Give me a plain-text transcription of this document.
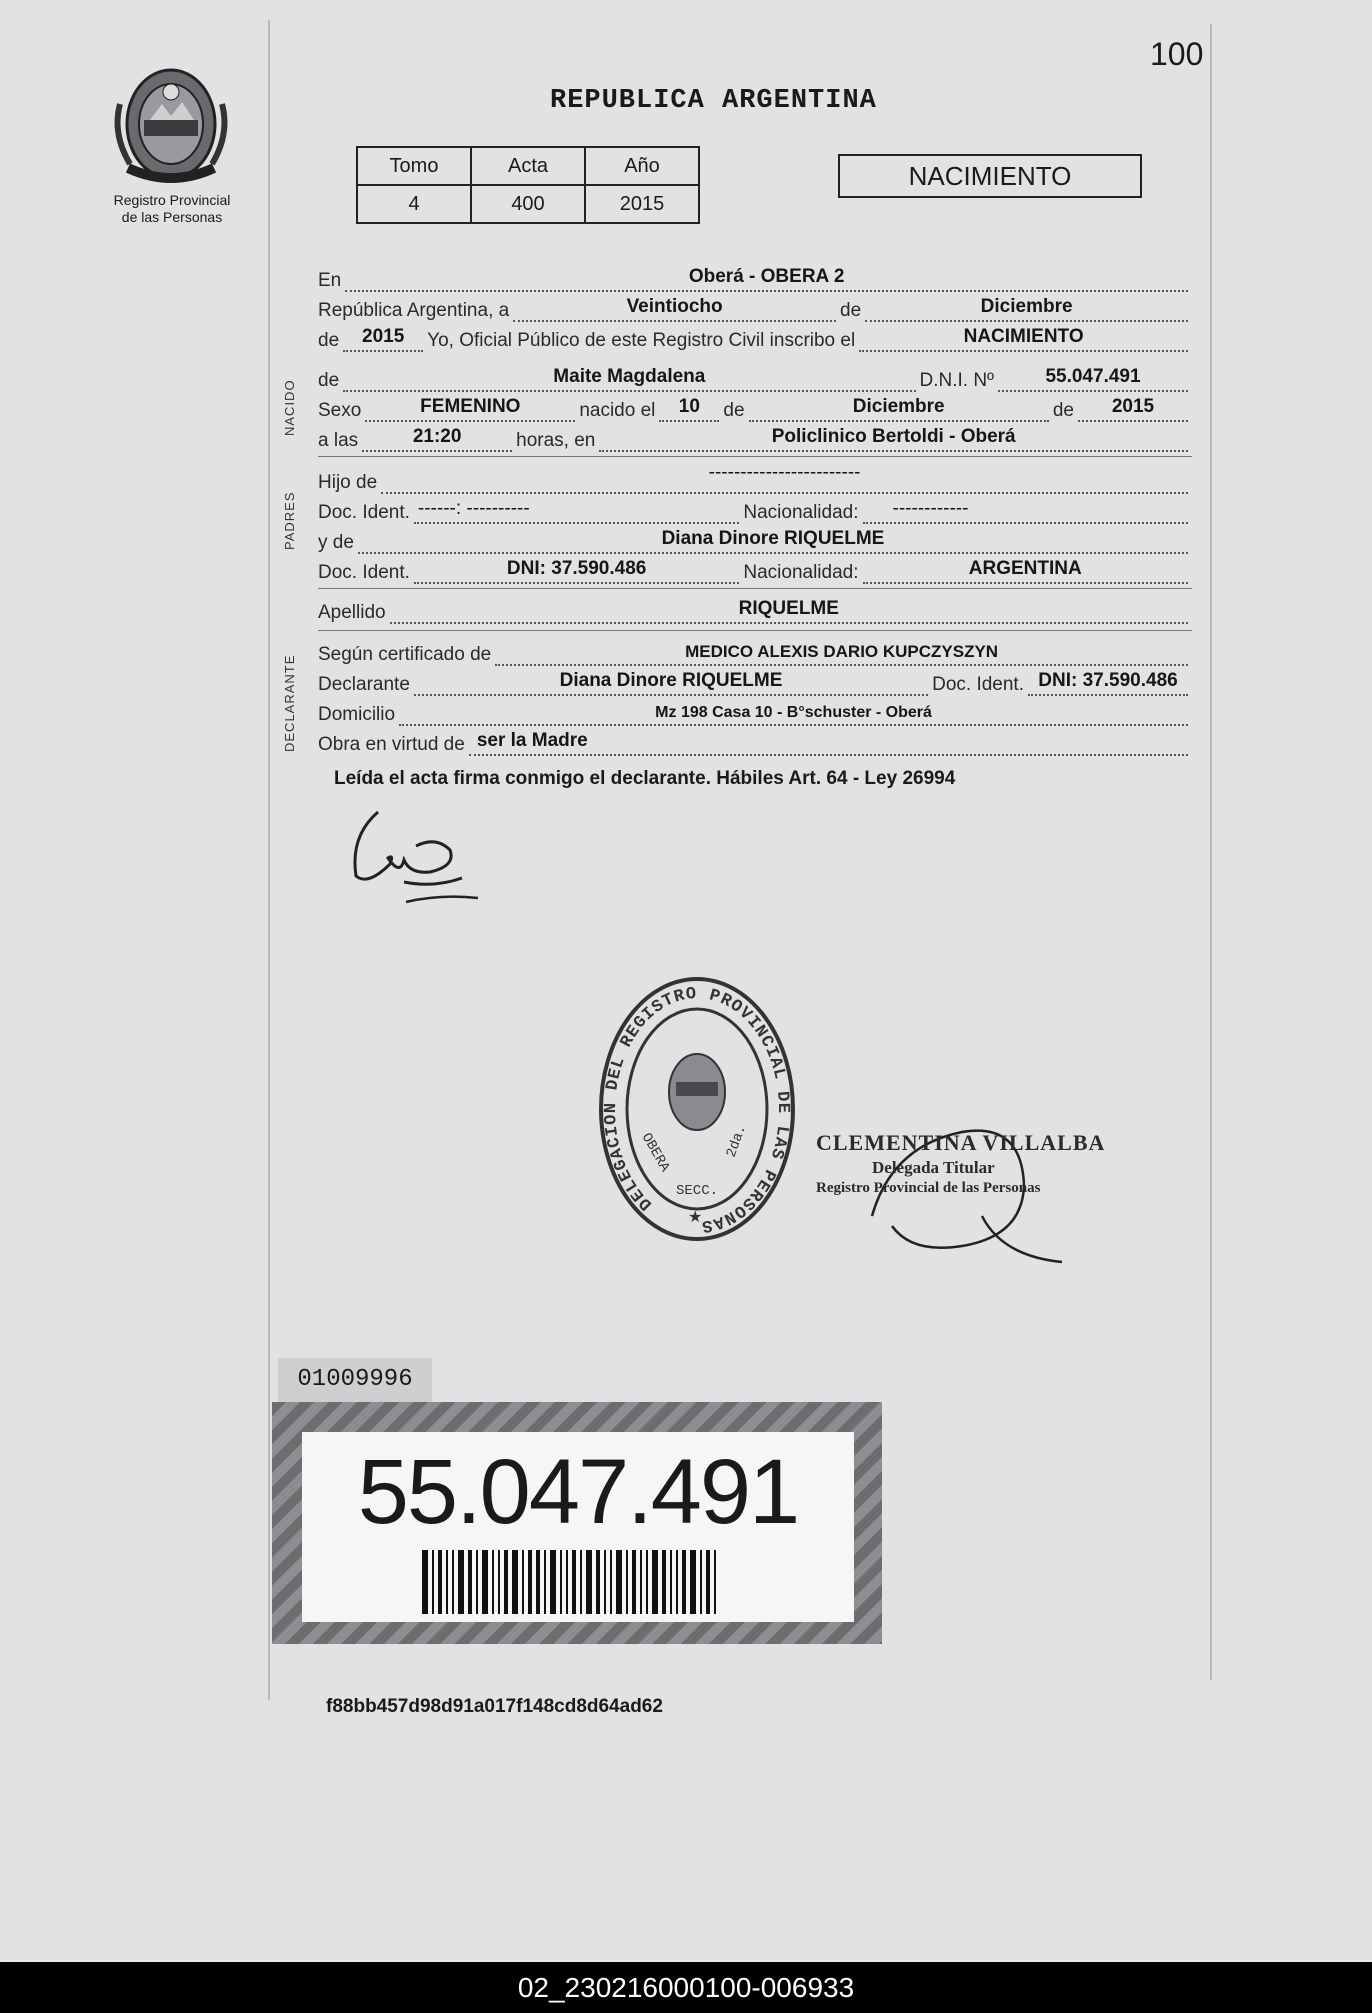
100
Registro Provincial
de las Personas
REPUBLICA ARGENTINA
Tomo	Acta	Año
4	400	2015
NACIMIENTO
En	Oberá - OBERA 2
República Argentina, a	Veintiocho	de	Diciembre
de	2015	Yo, Oficial Público de este Registro Civil inscribo el	NACIMIENTO
NACIDO de	Maite Magdalena	D.N.I. Nº	55.047.491
Sexo	FEMENINO	nacido el	10	de	Diciembre	de	2015
a las	21:20	horas, en	Policlinico Bertoldi - Oberá
PADRES
Hijo de	------------------------
Doc. Ident. ------: ----------	Nacionalidad:	------------
y de	Diana Dinore RIQUELME
Doc. Ident.	DNI: 37.590.486	Nacionalidad:	ARGENTINA
Apellido	RIQUELME
DECLARANTE
Según certificado de	MEDICO ALEXIS DARIO KUPCZYSZYN
Declarante	Diana Dinore RIQUELME	Doc. Ident. DNI: 37.590.486
Domicilio	Mz 198 Casa 10 - B°schuster - Oberá
Obra en virtud de ser la Madre
Leída el acta firma conmigo el declarante. Hábiles Art. 64 - Ley 26994
DELEGACION DEL REGISTRO PROVINCIAL DE LAS PERSONAS
OBERA
SECC.
2da.
★
CLEMENTINA VILLALBA
Delegada Titular
Registro Provincial de las Personas
01009996
55.047.491
f88bb457d98d91a017f148cd8d64ad62
02_230216000100-006933
